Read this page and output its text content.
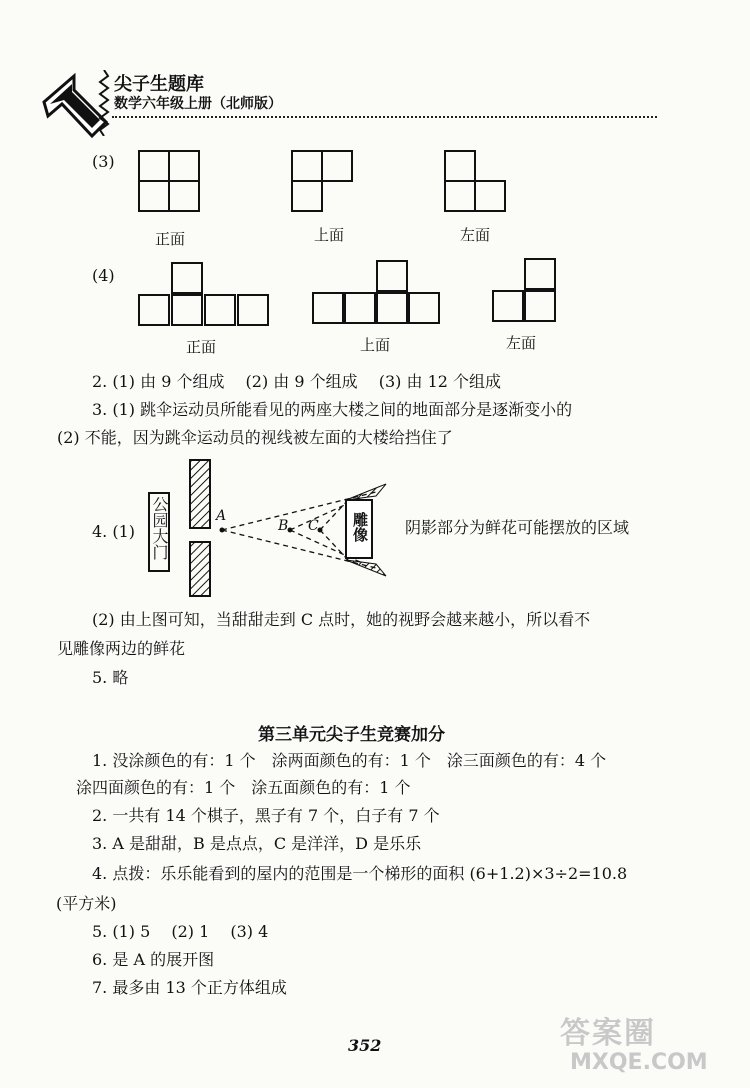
尖子生题库
数学六年级上册（北师版）
(3)
正面	上面	左面
(4)
正面	上面	左面
2. (1) 由 9 个组成　 (2) 由 9 个组成　 (3) 由 12 个组成
3. (1) 跳伞运动员所能看见的两座大楼之间的地面部分是逐渐变小的
(2) 不能，因为跳伞运动员的视线被左面的大楼给挡住了
4. (1) 公园大门	A
B C 雕像 阴影部分为鲜花可能摆放的区域
(2) 由上图可知，当甜甜走到 C 点时，她的视野会越来越小，所以看不
见雕像两边的鲜花
5. 略
第三单元尖子生竞赛加分
1. 没涂颜色的有：1 个　涂两面颜色的有：1 个　涂三面颜色的有：4 个
涂四面颜色的有：1 个　涂五面颜色的有：1 个
2. 一共有 14 个棋子，黑子有 7 个，白子有 7 个
3. A 是甜甜，B 是点点，C 是洋洋，D 是乐乐
4. 点拨：乐乐能看到的屋内的范围是一个梯形的面积 (6+1.2)×3÷2=10.8
(平方米)
5. (1) 5　 (2) 1　 (3) 4
6. 是 A 的展开图
7. 最多由 13 个正方体组成
352	答案圈
MXQE.COM
